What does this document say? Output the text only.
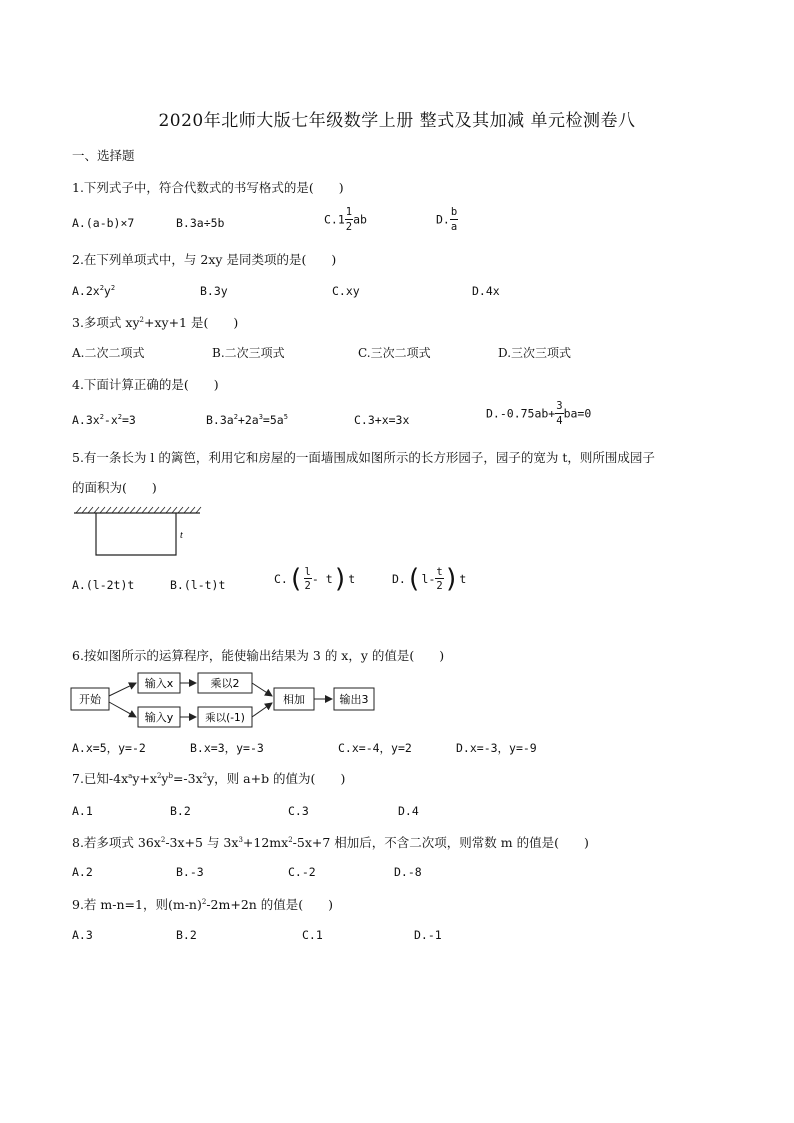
2020年北师大版七年级数学上册 整式及其加减 单元检测卷八
一、选择题
1.下列式子中，符合代数式的书写格式的是(　　)
A.(a-b)×7	B.3a÷5b	$C.1 \frac{1}{2}$ ab	D. $\frac{b}{a}$
2.在下列单项式中，与 2xy 是同类项的是(　　)
$A.2x^2y^2$	B.3y	C.xy	D.4x
3.多项式 $xy^2+xy+1$ 是(　　)
A.二次二项式	B.二次三项式	C.三次二项式	D.三次三项式
4.下面计算正确的是(　　)
$A.3x^2-x^2=3$	$B.3a^2+2a^3=5a^5$	C.3+x=3x	$D.-0.75ab+ \frac{3}{4} ba=0$
5.有一条长为 l 的篱笆，利用它和房屋的一面墙围成如图所示的长方形园子，园子的宽为 t，则所围成园子
的面积为(　　)
t
A.(l-2t)t	B.(l-t)t	$C.( \frac{l}{2} - t)t$	$D.(l- \frac{t}{2} )t$
6.按如图所示的运算程序，能使输出结果为 3 的 x，y 的值是(　　)
开始
输入x
输入y
乘以2
乘以(-1)
相加	输出3
A.x=5，y=-2	B.x=3，y=-3	C.x=-4，y=2	D.x=-3，y=-9
7.已知$-4x^ay+x^2y^b=-3x^2y$，则 a+b 的值为(　　)
A.1	B.2	C.3	D.4
8.若多项式 $36x^2-3x+5$ 与 $3x^3+12mx^2-5x+7$ 相加后，不含二次项，则常数 m 的值是(　　)
A.2	B.-3	C.-2	D.-8
9.若 m-n=1，则$(m-n)^2-2m+2n$ 的值是(　　)
A.3	B.2	C.1	D.-1
